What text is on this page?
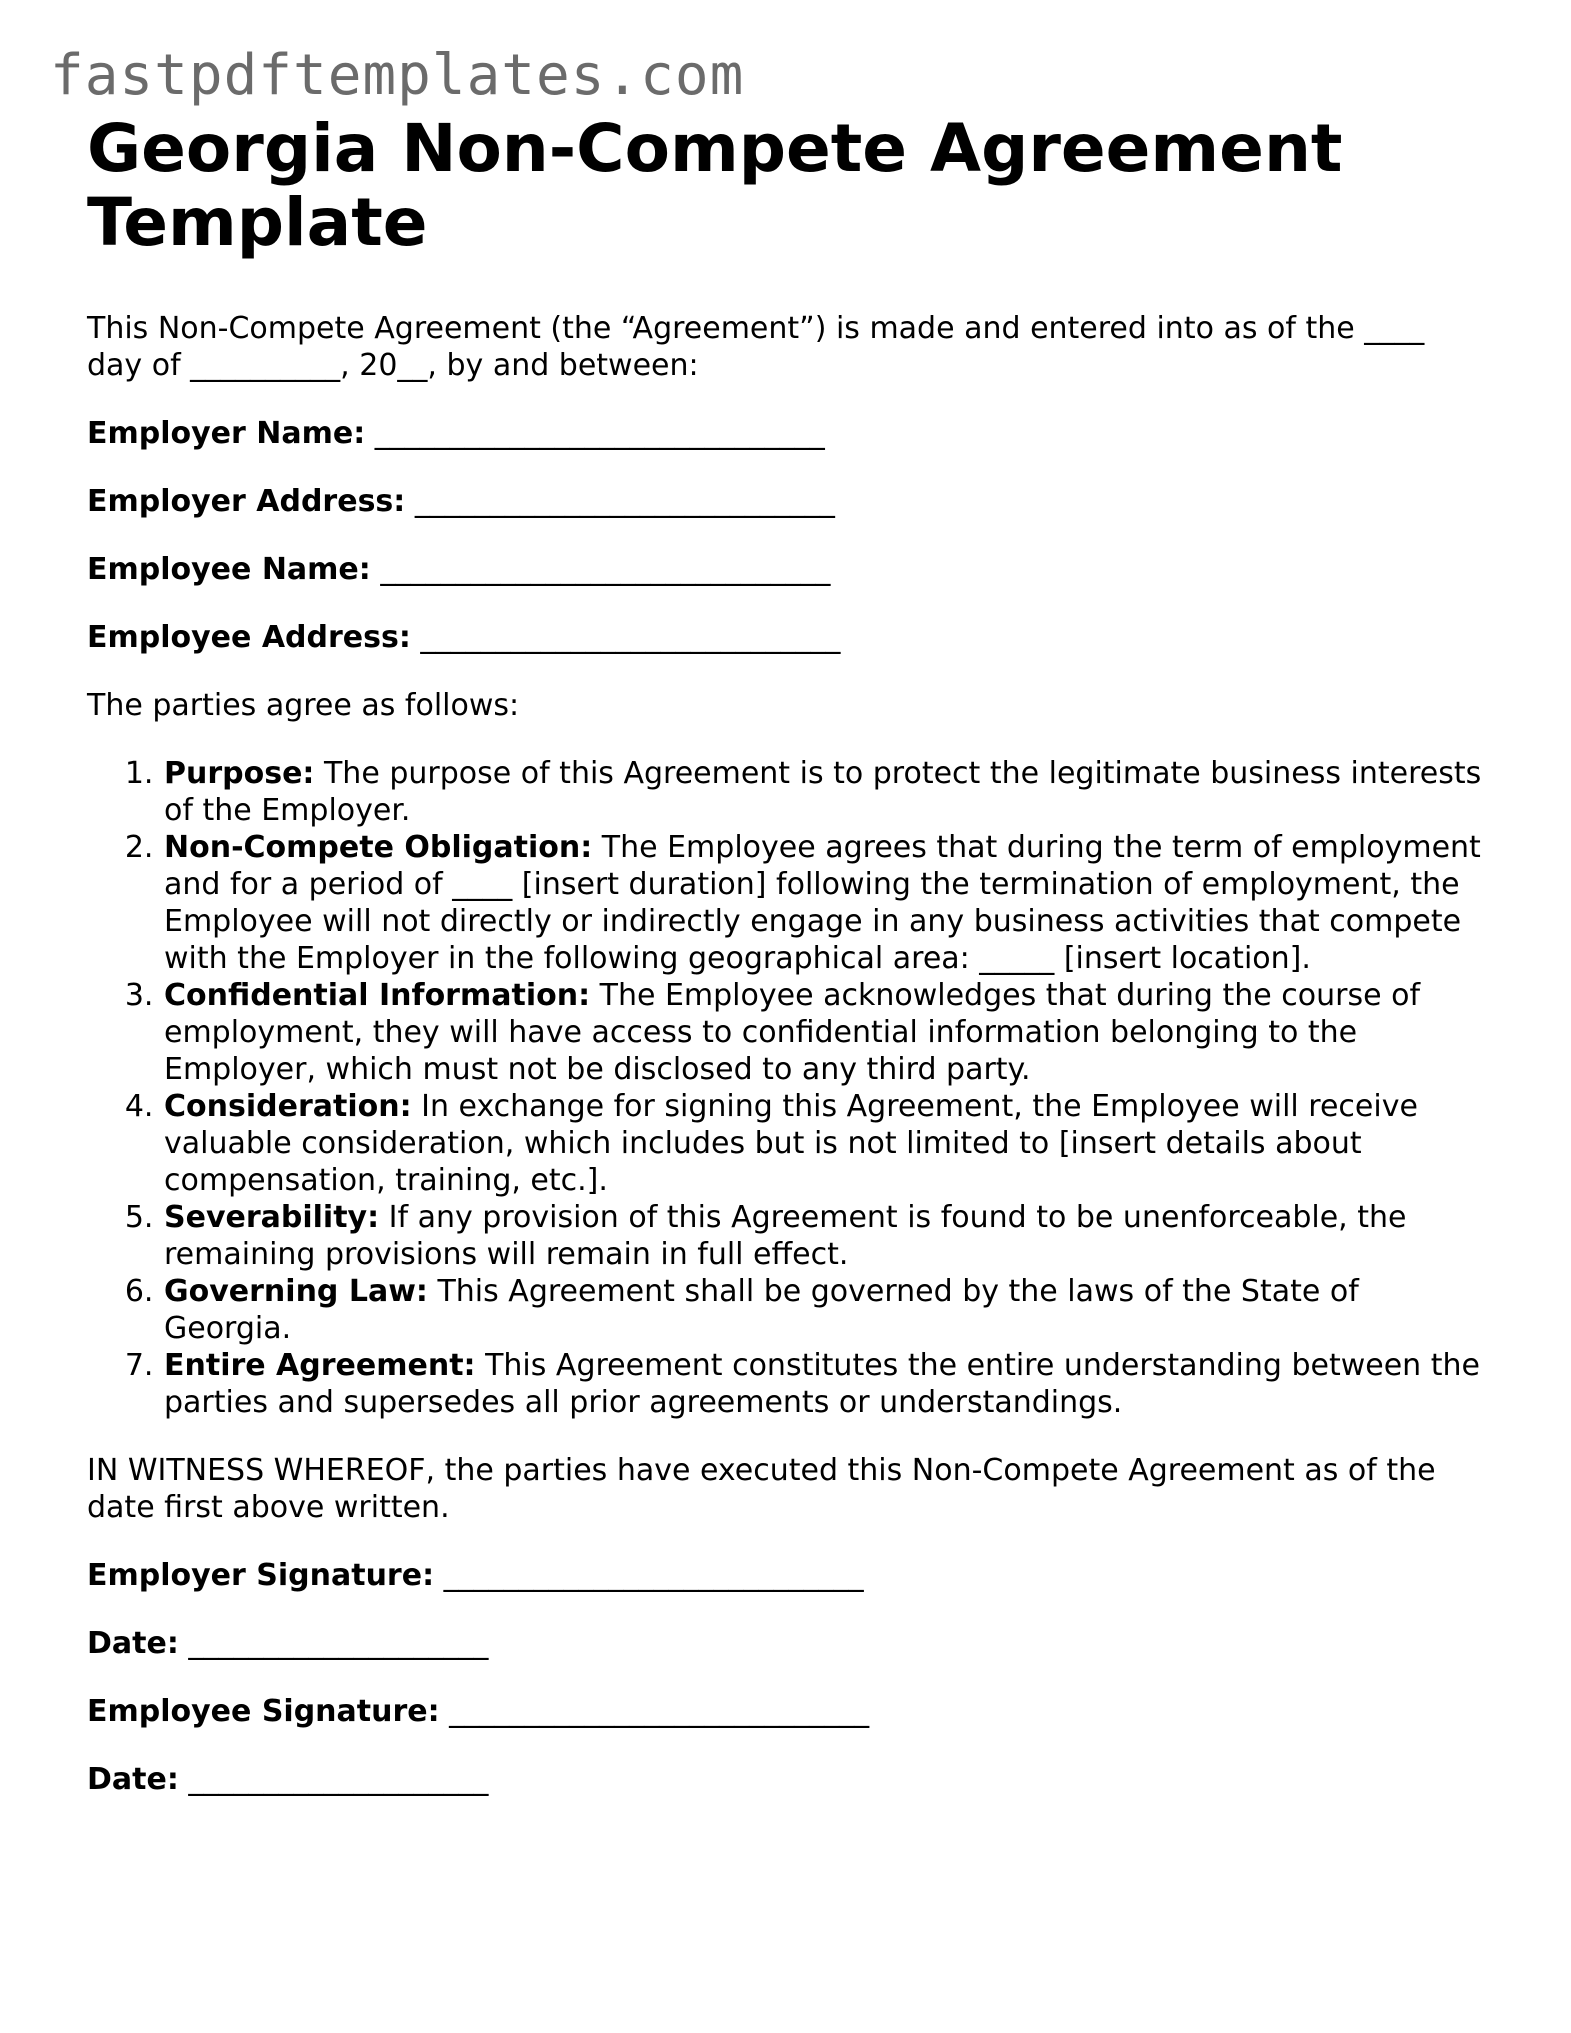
fastpdftemplates.com
Georgia Non-Compete Agreement Template
This Non-Compete Agreement (the “Agreement”) is made and entered into as of the ____ day of __________, 20__, by and between:
Employer Name: ______________________________
Employer Address: ____________________________
Employee Name: ______________________________
Employee Address: ____________________________
The parties agree as follows:
1. Purpose: The purpose of this Agreement is to protect the legitimate business interests of the Employer.
2. Non-Compete Obligation: The Employee agrees that during the term of employment and for a period of ____ [insert duration] following the termination of employment, the Employee will not directly or indirectly engage in any business activities that compete with the Employer in the following geographical area: _____ [insert location].
3. Confidential Information: The Employee acknowledges that during the course of employment, they will have access to confidential information belonging to the Employer, which must not be disclosed to any third party.
4. Consideration: In exchange for signing this Agreement, the Employee will receive valuable consideration, which includes but is not limited to [insert details about compensation, training, etc.].
5. Severability: If any provision of this Agreement is found to be unenforceable, the remaining provisions will remain in full effect.
6. Governing Law: This Agreement shall be governed by the laws of the State of Georgia.
7. Entire Agreement: This Agreement constitutes the entire understanding between the parties and supersedes all prior agreements or understandings.
IN WITNESS WHEREOF, the parties have executed this Non-Compete Agreement as of the date first above written.
Employer Signature: ____________________________
Date: ____________________
Employee Signature: ____________________________
Date: ____________________
